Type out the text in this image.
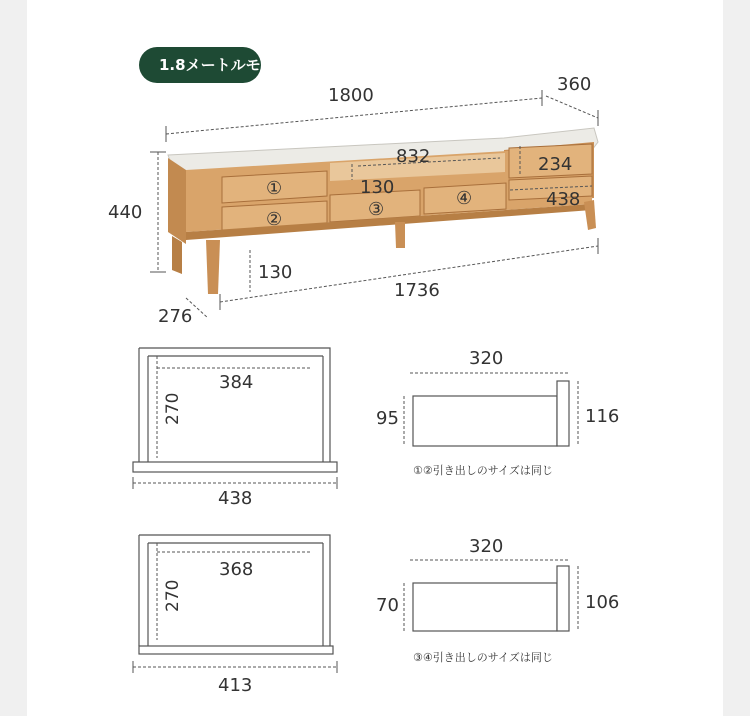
1800
360
832	234
130
438
440
130
1736
276
①
②	③
④
384
270
438
320
95	116
①②引き出しのサイズは同じ
368
270
413
320
70	106
③④引き出しのサイズは同じ
1.8メートルモデル
